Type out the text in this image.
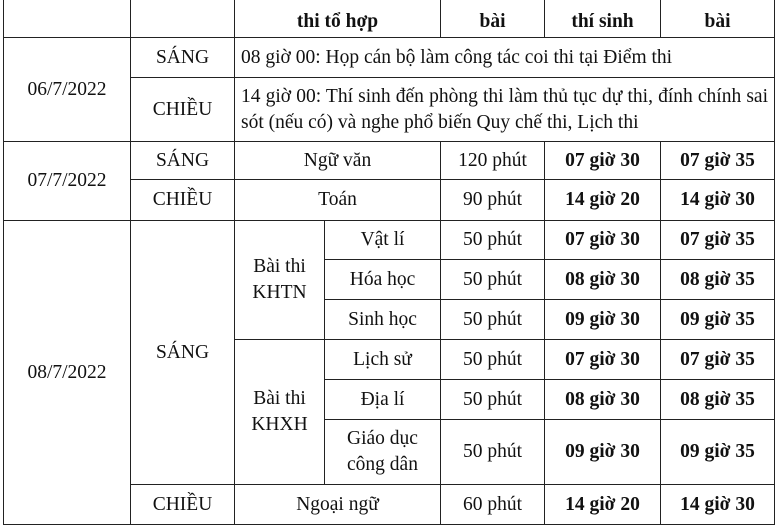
		thi tổ hợp		bài	thí sinh	bài
06/7/2022	SÁNG	08 giờ 00: Họp cán bộ làm công tác coi thi tại Điểm thi				
	CHIỀU	14 giờ 00: Thí sinh đến phòng thi làm thủ tục dự thi, đính chính sai sót (nếu có) và nghe phổ biến Quy chế thi, Lịch thi				
07/7/2022	SÁNG	Ngữ văn		120 phút	07 giờ 30	07 giờ 35
	CHIỀU	Toán		90 phút	14 giờ 20	14 giờ 30
08/7/2022	SÁNG	Bài thi KHTN	Vật lí	50 phút	07 giờ 30	07 giờ 35
			Hóa học	50 phút	08 giờ 30	08 giờ 35
			Sinh học	50 phút	09 giờ 30	09 giờ 35
		Bài thi KHXH	Lịch sử	50 phút	07 giờ 30	07 giờ 35
			Địa lí	50 phút	08 giờ 30	08 giờ 35
			Giáo dục công dân	50 phút	09 giờ 30	09 giờ 35
	CHIỀU	Ngoại ngữ		60 phút	14 giờ 20	14 giờ 30
